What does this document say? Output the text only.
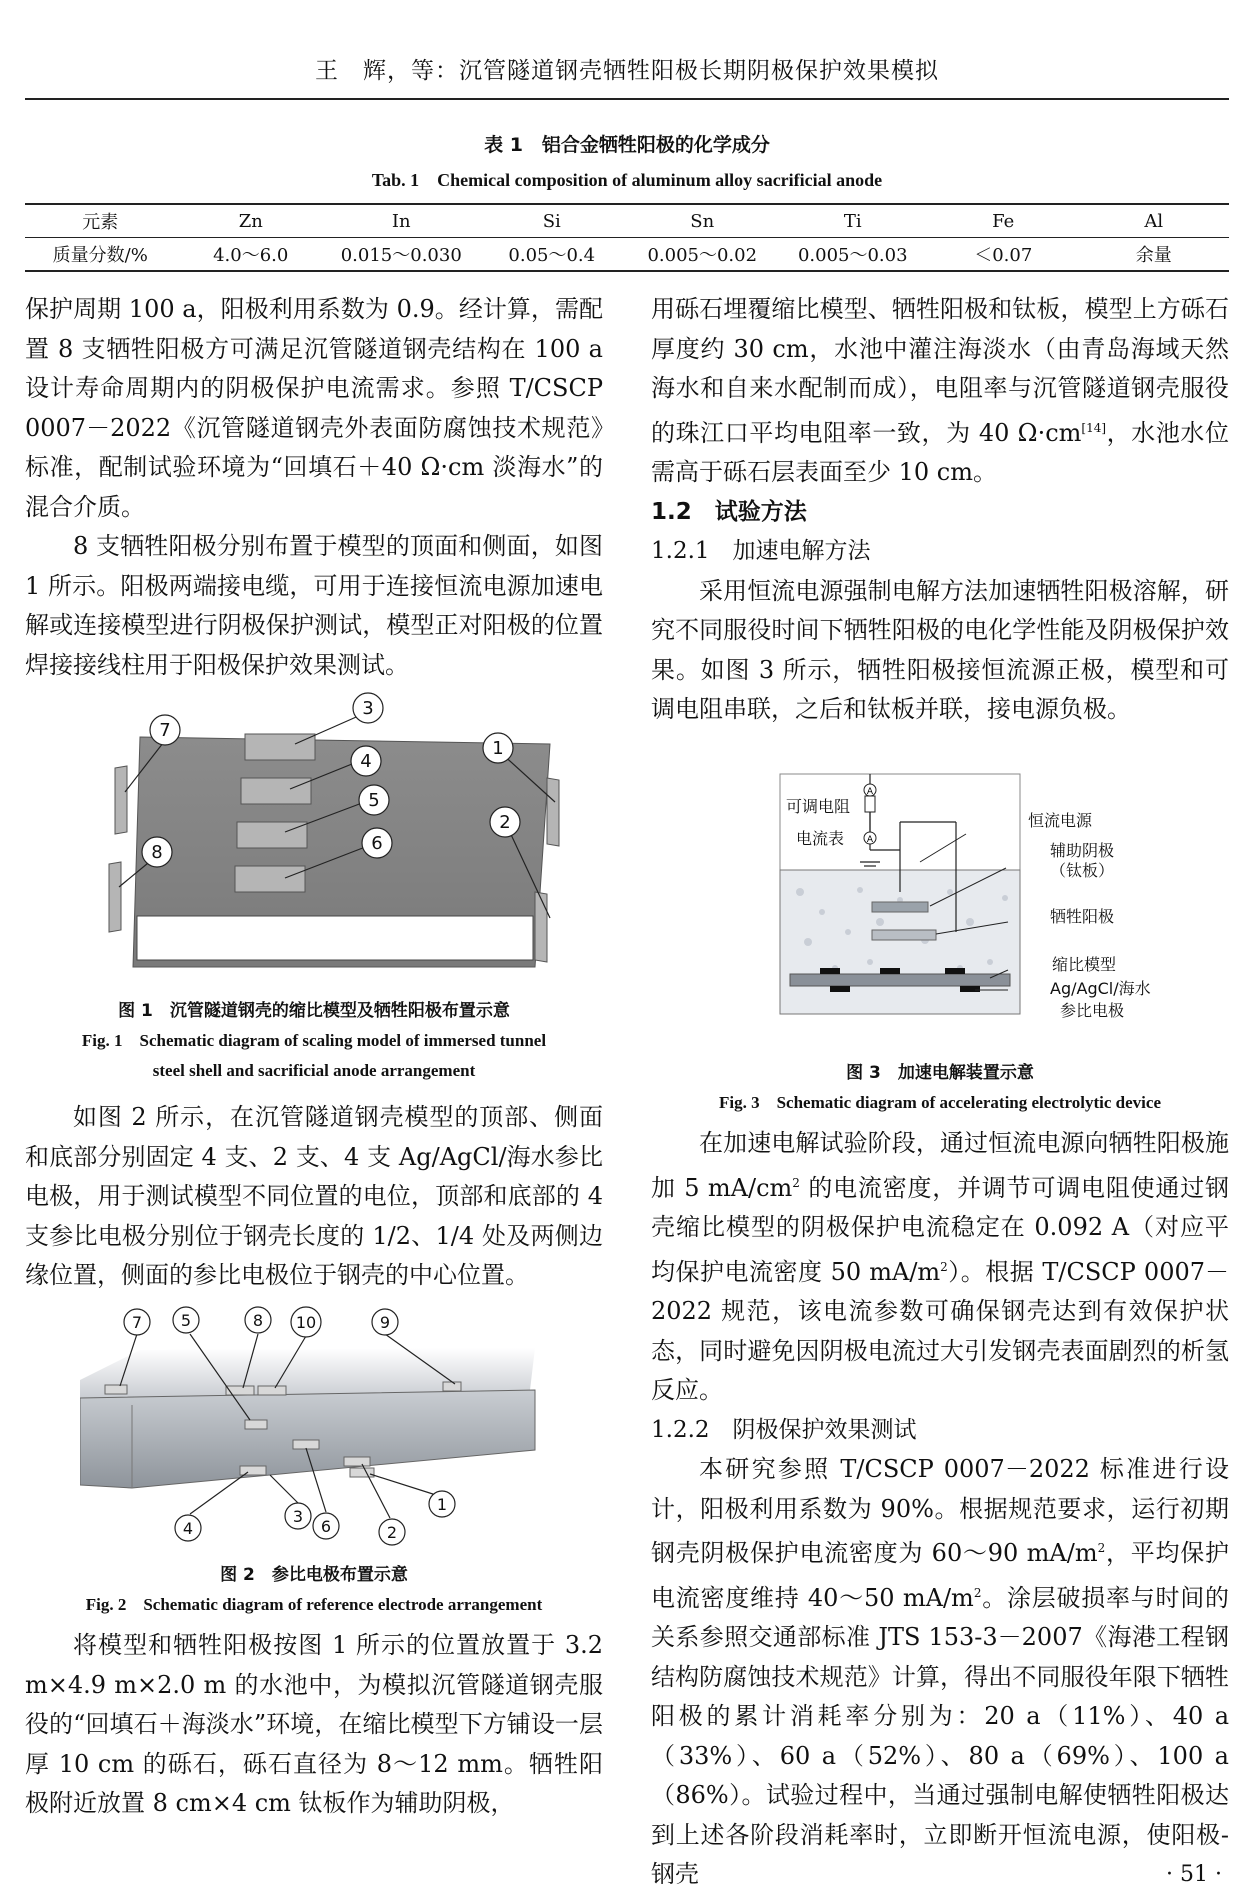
王　辉，等：沉管隧道钢壳牺牲阳极长期阴极保护效果模拟
表 1　铝合金牺牲阳极的化学成分
Tab. 1　Chemical composition of aluminum alloy sacrificial anode
元素	Zn	In	Si	Sn	Ti	Fe	Al
质量分数/%	4.0～6.0	0.015～0.030	0.05～0.4	0.005～0.02	0.005～0.03	＜0.07	余量

保护周期 100 a，阳极利用系数为 0.9。经计算，需配置 8 支牺牲阳极方可满足沉管隧道钢壳结构在 100 a 设计寿命周期内的阴极保护电流需求。参照 T/CSCP 0007－2022《沉管隧道钢壳外表面防腐蚀技术规范》标准，配制试验环境为“回填石＋40 Ω·cm 淡海水”的混合介质。

8 支牺牲阳极分别布置于模型的顶面和侧面，如图 1 所示。阳极两端接电缆，可用于连接恒流电源加速电解或连接模型进行阴极保护测试，模型正对阳极的位置焊接接线柱用于阳极保护效果测试。

1
2
3
4
5
6
7
8
图 1　沉管隧道钢壳的缩比模型及牺牲阳极布置示意
Fig. 1　Schematic diagram of scaling model of immersed tunnel
steel shell and sacrificial anode arrangement

如图 2 所示，在沉管隧道钢壳模型的顶部、侧面和底部分别固定 4 支、2 支、4 支 Ag/AgCl/海水参比电极，用于测试模型不同位置的电位，顶部和底部的 4 支参比电极分别位于钢壳长度的 1/2、1/4 处及两侧边缘位置，侧面的参比电极位于钢壳的中心位置。

1
2
3
4
5
6
7	8	9
10
图 2　参比电极布置示意
Fig. 2　Schematic diagram of reference electrode arrangement

将模型和牺牲阳极按图 1 所示的位置放置于 3.2 m×4.9 m×2.0 m 的水池中，为模拟沉管隧道钢壳服役的“回填石＋海淡水”环境，在缩比模型下方铺设一层厚 10 cm 的砾石，砾石直径为 8～12 mm。牺牲阳极附近放置 8 cm×4 cm 钛板作为辅助阴极，

用砾石埋覆缩比模型、牺牲阳极和钛板，模型上方砾石厚度约 30 cm，水池中灌注海淡水（由青岛海域天然海水和自来水配制而成），电阻率与沉管隧道钢壳服役的珠江口平均电阻率一致，为 40 Ω·cm[14]，水池水位需高于砾石层表面至少 10 cm。

1.2　试验方法
1.2.1　加速电解方法

采用恒流电源强制电解方法加速牺牲阳极溶解，研究不同服役时间下牺牲阳极的电化学性能及阴极保护效果。如图 3 所示，牺牲阳极接恒流源正极，模型和可调电阻串联，之后和钛板并联，接电源负极。

A
A
可调电阻
电流表
恒流电源
辅助阴极
（钛板）
牺牲阳极
缩比模型
Ag/AgCl/海水
参比电极
图 3　加速电解装置示意
Fig. 3　Schematic diagram of accelerating electrolytic device

在加速电解试验阶段，通过恒流电源向牺牲阳极施加 5 $mA/cm^2$ 的电流密度，并调节可调电阻使通过钢壳缩比模型的阴极保护电流稳定在 0.092 A（对应平均保护电流密度 50 $mA/m^2$）。根据 T/CSCP 0007－2022 规范，该电流参数可确保钢壳达到有效保护状态，同时避免因阴极电流过大引发钢壳表面剧烈的析氢反应。

1.2.2　阴极保护效果测试

本研究参照 T/CSCP 0007－2022 标准进行设计，阳极利用系数为 90%。根据规范要求，运行初期钢壳阴极保护电流密度为 60～90 $mA/m^2$，平均保护电流密度维持 40～50 $mA/m^2$。涂层破损率与时间的关系参照交通部标准 JTS 153-3－2007《海港工程钢结构防腐蚀技术规范》计算，得出不同服役年限下牺牲阳极的累计消耗率分别为：20 a（11%）、40 a（33%）、60 a（52%）、80 a（69%）、100 a（86%）。试验过程中，当通过强制电解使牺牲阳极达到上述各阶段消耗率时，立即断开恒流电源，使阳极-钢壳	· 51 ·
